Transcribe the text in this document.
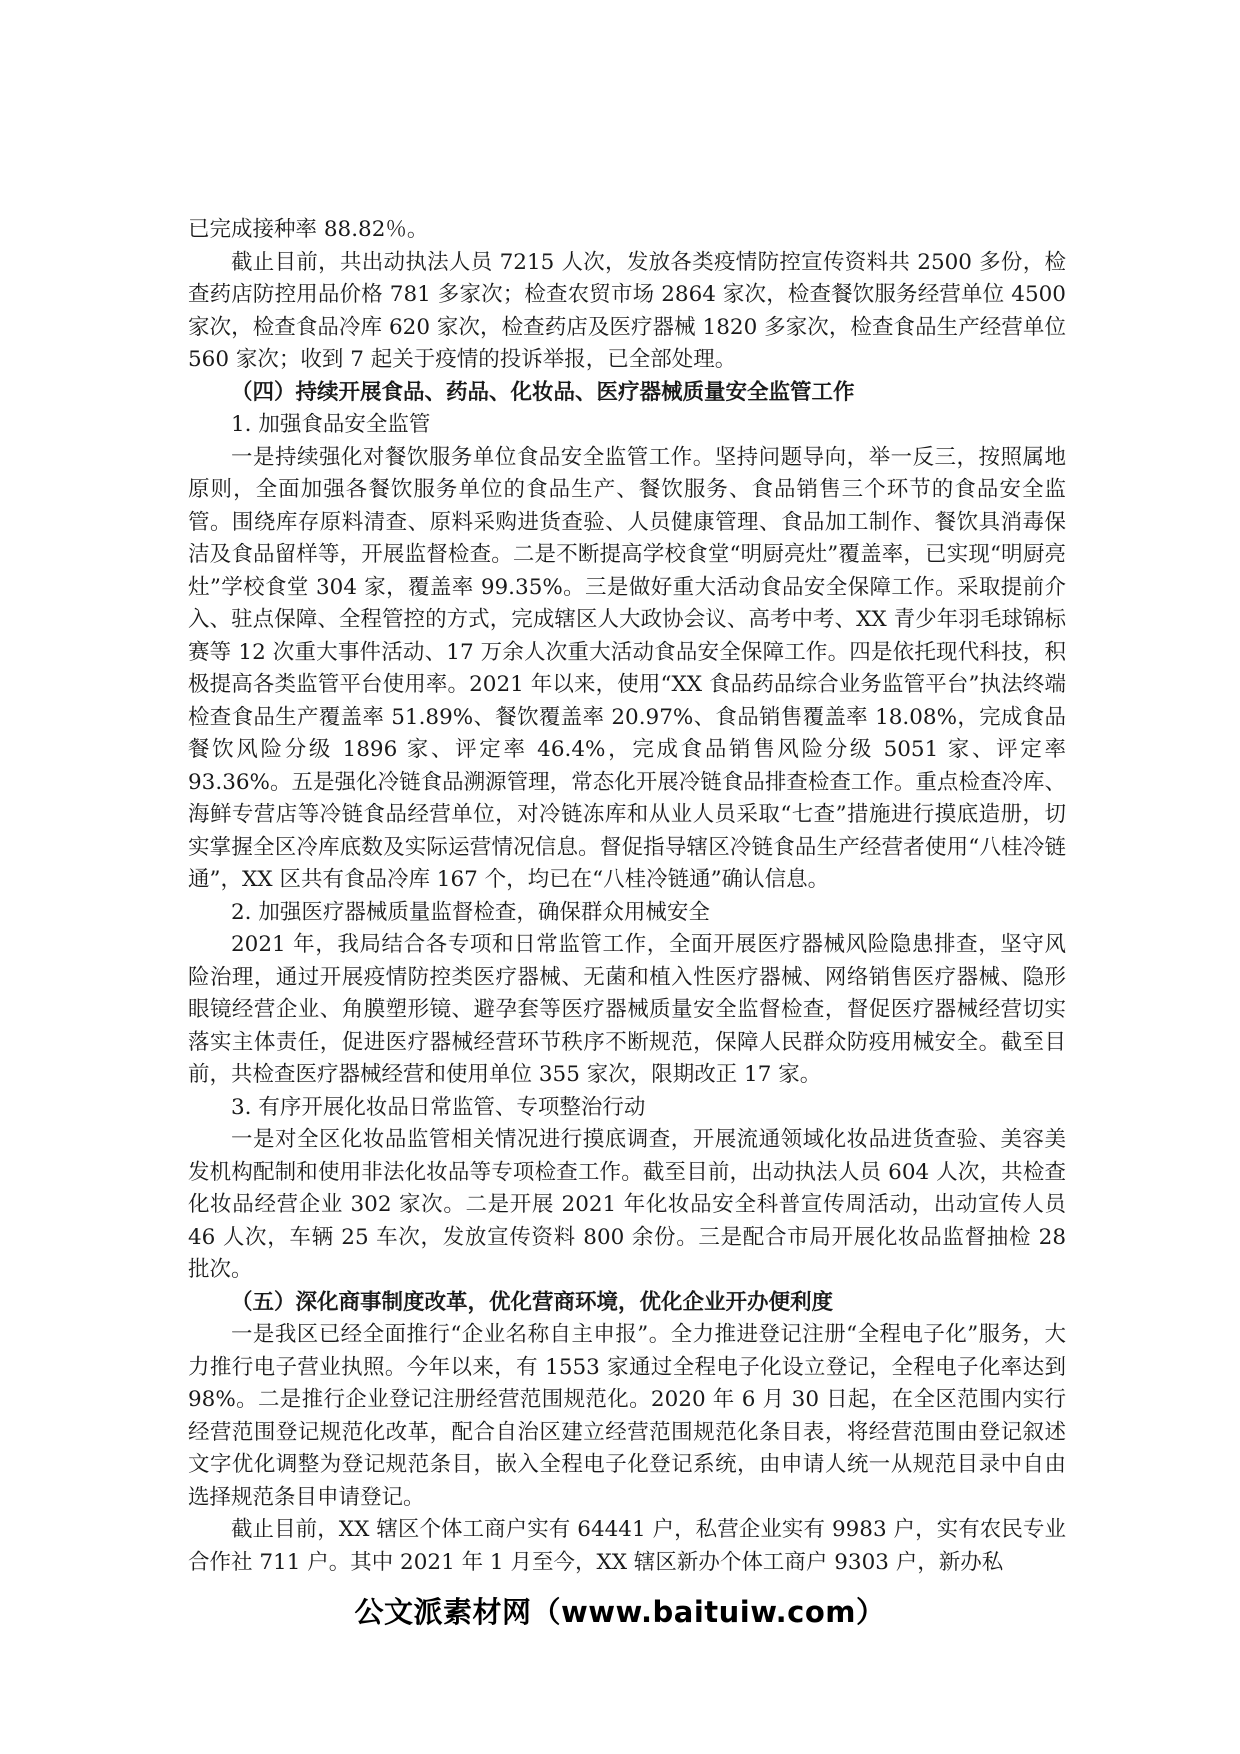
已完成接种率 88.82％。

截止目前，共出动执法人员 7215 人次，发放各类疫情防控宣传资料共 2500 多份，检查药店防控用品价格 781 多家次；检查农贸市场 2864 家次，检查餐饮服务经营单位 4500 家次，检查食品冷库 620 家次，检查药店及医疗器械 1820 多家次，检查食品生产经营单位 560 家次；收到 7 起关于疫情的投诉举报，已全部处理。

（四）持续开展食品、药品、化妆品、医疗器械质量安全监管工作

1. 加强食品安全监管

一是持续强化对餐饮服务单位食品安全监管工作。坚持问题导向，举一反三，按照属地原则，全面加强各餐饮服务单位的食品生产、餐饮服务、食品销售三个环节的食品安全监管。围绕库存原料清查、原料采购进货查验、人员健康管理、食品加工制作、餐饮具消毒保洁及食品留样等，开展监督检查。二是不断提高学校食堂“明厨亮灶”覆盖率，已实现“明厨亮灶”学校食堂 304 家，覆盖率 99.35%。三是做好重大活动食品安全保障工作。采取提前介入、驻点保障、全程管控的方式，完成辖区人大政协会议、高考中考、XX 青少年羽毛球锦标赛等 12 次重大事件活动、17 万余人次重大活动食品安全保障工作。四是依托现代科技，积极提高各类监管平台使用率。2021 年以来，使用“XX 食品药品综合业务监管平台”执法终端检查食品生产覆盖率 51.89%、餐饮覆盖率 20.97%、食品销售覆盖率 18.08%，完成食品餐饮风险分级 1896 家、评定率 46.4%，完成食品销售风险分级 5051 家、评定率 93.36%。五是强化冷链食品溯源管理，常态化开展冷链食品排查检查工作。重点检查冷库、海鲜专营店等冷链食品经营单位，对冷链冻库和从业人员采取“七查”措施进行摸底造册，切实掌握全区冷库底数及实际运营情况信息。督促指导辖区冷链食品生产经营者使用“八桂冷链通”，XX 区共有食品冷库 167 个，均已在“八桂冷链通”确认信息。

2. 加强医疗器械质量监督检查，确保群众用械安全

2021 年，我局结合各专项和日常监管工作，全面开展医疗器械风险隐患排查，坚守风险治理，通过开展疫情防控类医疗器械、无菌和植入性医疗器械、网络销售医疗器械、隐形眼镜经营企业、角膜塑形镜、避孕套等医疗器械质量安全监督检查，督促医疗器械经营切实落实主体责任，促进医疗器械经营环节秩序不断规范，保障人民群众防疫用械安全。截至目前，共检查医疗器械经营和使用单位 355 家次，限期改正 17 家。

3. 有序开展化妆品日常监管、专项整治行动

一是对全区化妆品监管相关情况进行摸底调查，开展流通领域化妆品进货查验、美容美发机构配制和使用非法化妆品等专项检查工作。截至目前，出动执法人员 604 人次，共检查化妆品经营企业 302 家次。二是开展 2021 年化妆品安全科普宣传周活动，出动宣传人员 46 人次，车辆 25 车次，发放宣传资料 800 余份。三是配合市局开展化妆品监督抽检 28 批次。

（五）深化商事制度改革，优化营商环境，优化企业开办便利度

一是我区已经全面推行“企业名称自主申报”。全力推进登记注册“全程电子化”服务，大力推行电子营业执照。今年以来，有 1553 家通过全程电子化设立登记，全程电子化率达到 98%。二是推行企业登记注册经营范围规范化。2020 年 6 月 30 日起，在全区范围内实行经营范围登记规范化改革，配合自治区建立经营范围规范化条目表，将经营范围由登记叙述文字优化调整为登记规范条目，嵌入全程电子化登记系统，由申请人统一从规范目录中自由选择规范条目申请登记。

截止目前，XX 辖区个体工商户实有 64441 户，私营企业实有 9983 户，实有农民专业合作社 711 户。其中 2021 年 1 月至今，XX 辖区新办个体工商户 9303 户，新办私

公文派素材网（www.baituiw.com）
